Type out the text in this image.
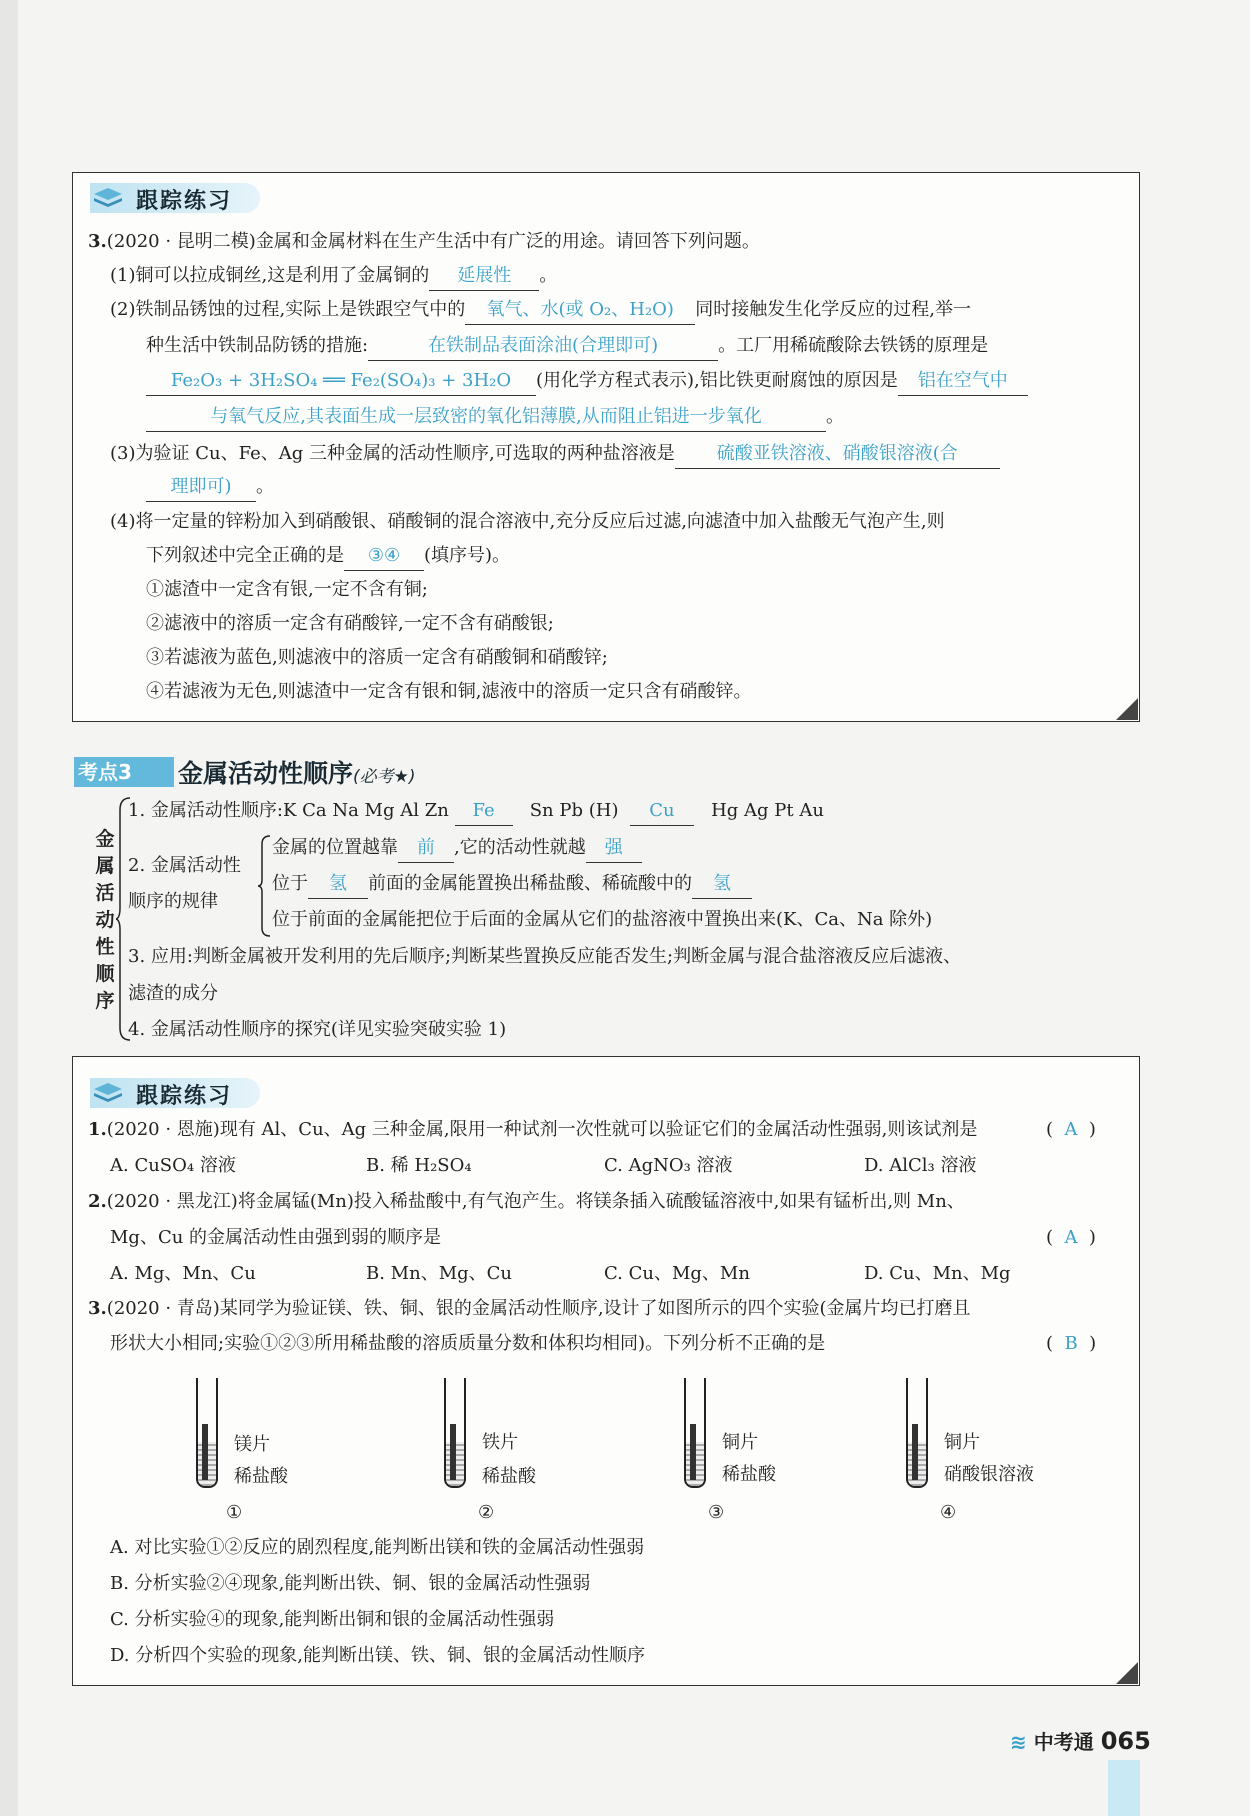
跟踪练习
3.(2020 · 昆明二模)金属和金属材料在生产生活中有广泛的用途。请回答下列问题。
(1)铜可以拉成铜丝,这是利用了金属铜的 延展性 。
(2)铁制品锈蚀的过程,实际上是铁跟空气中的 氧气、水(或 O₂、H₂O) 同时接触发生化学反应的过程,举一
种生活中铁制品防锈的措施:	在铁制品表面涂油(合理即可)	。工厂用稀硫酸除去铁锈的原理是
Fe₂O₃ + 3H₂SO₄ ══ Fe₂(SO₄)₃ + 3H₂O (用化学方程式表示),铝比铁更耐腐蚀的原因是 铝在空气中
与氧气反应,其表面生成一层致密的氧化铝薄膜,从而阻止铝进一步氧化	。
(3)为验证 Cu、Fe、Ag 三种金属的活动性顺序,可选取的两种盐溶液是 硫酸亚铁溶液、硝酸银溶液(合
理即可) 。
(4)将一定量的锌粉加入到硝酸银、硝酸铜的混合溶液中,充分反应后过滤,向滤渣中加入盐酸无气泡产生,则
下列叙述中完全正确的是 ③④ (填序号)。
①滤渣中一定含有银,一定不含有铜;
②滤液中的溶质一定含有硝酸锌,一定不含有硝酸银;
③若滤液为蓝色,则滤液中的溶质一定含有硝酸铜和硝酸锌;
④若滤液为无色,则滤渣中一定含有银和铜,滤液中的溶质一定只含有硝酸锌。
考点3	金属活动性顺序(必考★)
金
属
活
动
性
顺
序
1. 金属活动性顺序:K Ca Na Mg Al Zn Fe Sn Pb (H) Cu Hg Ag Pt Au
2. 金属活动性
顺序的规律
金属的位置越靠 前 ,它的活动性就越 强
位于 氢 前面的金属能置换出稀盐酸、稀硫酸中的 氢
位于前面的金属能把位于后面的金属从它们的盐溶液中置换出来(K、Ca、Na 除外)
3. 应用:判断金属被开发利用的先后顺序;判断某些置换反应能否发生;判断金属与混合盐溶液反应后滤液、
滤渣的成分
4. 金属活动性顺序的探究(详见实验突破实验 1)
跟踪练习
1.(2020 · 恩施)现有 Al、Cu、Ag 三种金属,限用一种试剂一次性就可以验证它们的金属活动性强弱,则该试剂是	(  A  )
A. CuSO₄ 溶液	B. 稀 H₂SO₄	C. AgNO₃ 溶液	D. AlCl₃ 溶液
2.(2020 · 黑龙江)将金属锰(Mn)投入稀盐酸中,有气泡产生。将镁条插入硫酸锰溶液中,如果有锰析出,则 Mn、
Mg、Cu 的金属活动性由强到弱的顺序是	(  A  )
A. Mg、Mn、Cu	B. Mn、Mg、Cu	C. Cu、Mg、Mn	D. Cu、Mn、Mg
3.(2020 · 青岛)某同学为验证镁、铁、铜、银的金属活动性顺序,设计了如图所示的四个实验(金属片均已打磨且
形状大小相同;实验①②③所用稀盐酸的溶质质量分数和体积均相同)。下列分析不正确的是	(  B  )
镁片
稀盐酸
①
铁片
稀盐酸
②
铜片
稀盐酸
③
铜片
硝酸银溶液
④
A. 对比实验①②反应的剧烈程度,能判断出镁和铁的金属活动性强弱
B. 分析实验②④现象,能判断出铁、铜、银的金属活动性强弱
C. 分析实验④的现象,能判断出铜和银的金属活动性强弱
D. 分析四个实验的现象,能判断出镁、铁、铜、银的金属活动性顺序
≋ 中考通 065
